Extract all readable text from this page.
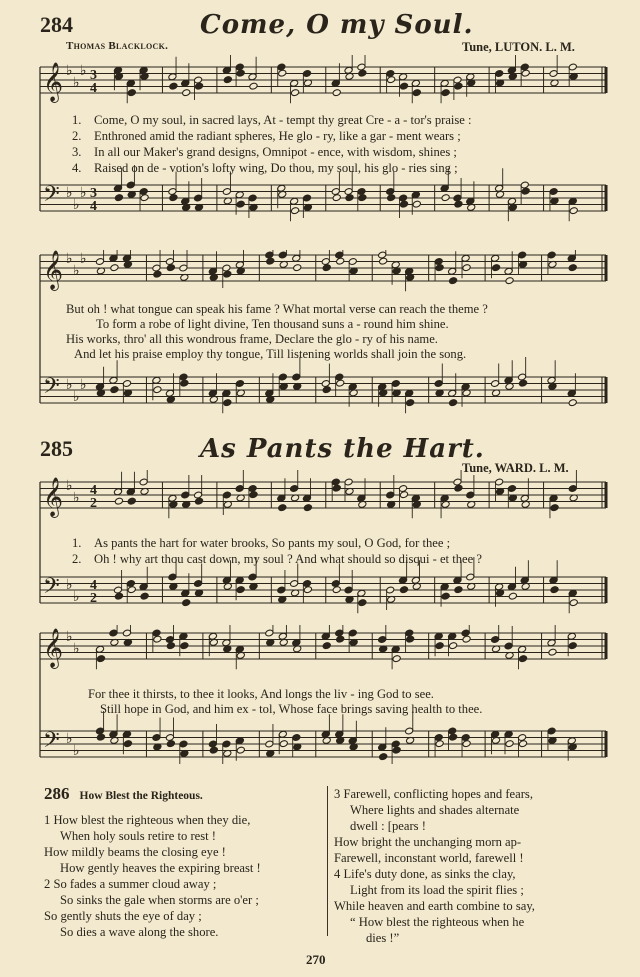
284	Come, O my Soul.
Thomas Blacklock.	Tune, LUTON. L. M.
𝄞 ♭
♭
♭ 3
4
𝄢 ♭
♭
♭ 3
4
1. Come, O my soul, in sacred lays, At - tempt thy great Cre - a - tor's praise :
2. Enthroned amid the radiant spheres, He glo - ry, like a gar - ment wears ;
3. In all our Maker's grand designs, Omnipot - ence, with wisdom, shines ;
4. Raised on de - votion's lofty wing, Do thou, my soul, his glo - ries sing ;
𝄞 ♭
♭
♭
𝄢 ♭
♭
♭
But oh ! what tongue can speak his fame ? What mortal verse can reach the theme ?
To form a robe of light divine, Ten thousand suns a - round him shine.
His works, thro' all this wondrous frame, Declare the glo - ry of his name.
And let his praise employ thy tongue, Till listening worlds shall join the song.
285	As Pants the Hart.
Tune, WARD. L. M.
𝄞 ♭
♭ 4
2
𝄢 ♭
♭
4
2
1. As pants the hart for water brooks, So pants my soul, O God, for thee ;
2. Oh ! why art thou cast down, my soul ? And what should so disqui - et thee ?
𝄞 ♭
♭
𝄢 ♭
♭
For thee it thirsts, to thee it looks, And longs the liv - ing God to see.
Still hope in God, and him ex - tol, Whose face brings saving health to thee.
286 How Blest the Righteous.
1 How blest the righteous when they die,
When holy souls retire to rest !
How mildly beams the closing eye !
How gently heaves the expiring breast !
2 So fades a summer cloud away ;
So sinks the gale when storms are o'er ;
So gently shuts the eye of day ;
So dies a wave along the shore.
3 Farewell, conflicting hopes and fears,
Where lights and shades alternate
dwell : [pears !
How bright the unchanging morn ap-
Farewell, inconstant world, farewell !
4 Life's duty done, as sinks the clay,
Light from its load the spirit flies ;
While heaven and earth combine to say,
“ How blest the righteous when he
dies !”
270
